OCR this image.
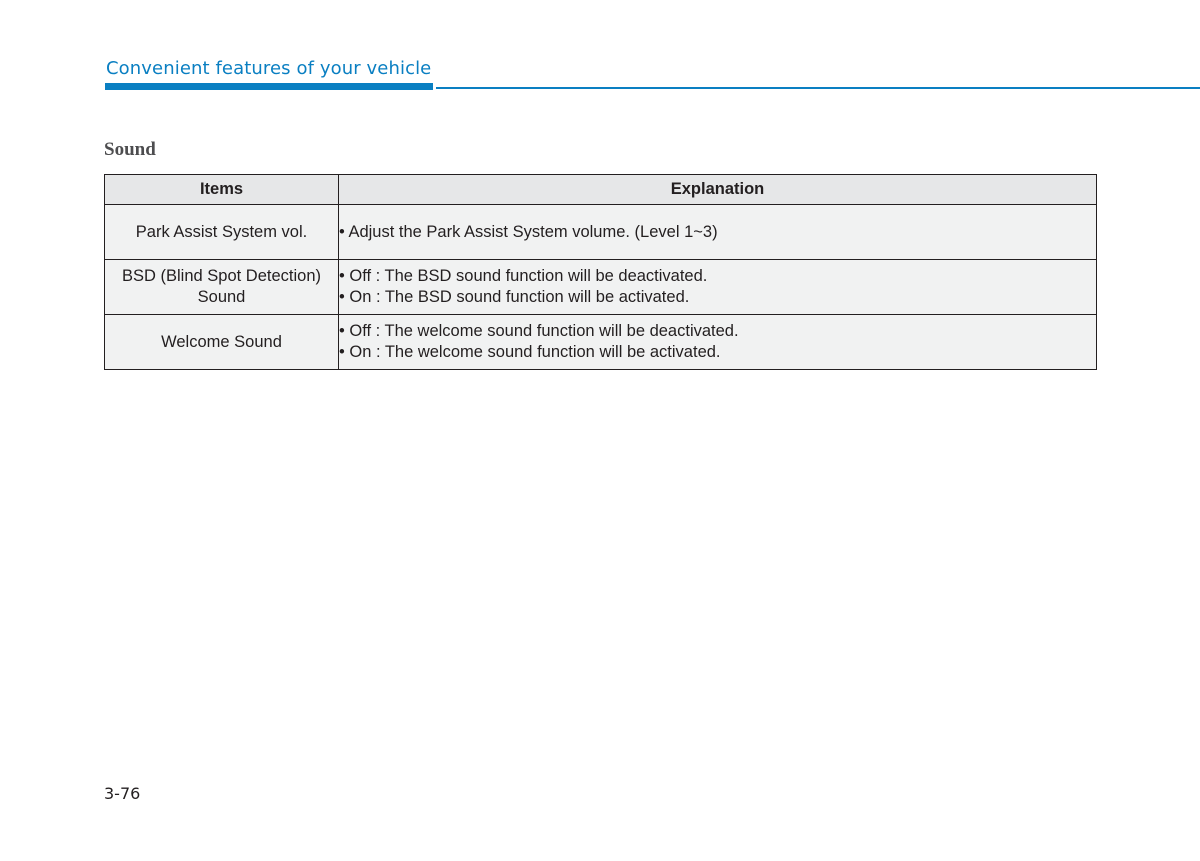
Convenient features of your vehicle
Sound
Items	Explanation
Park Assist System vol.	• Adjust the Park Assist System volume. (Level 1~3)

BSD (Blind Spot Detection) Sound	• Off : The BSD sound function will be deactivated.
• On : The BSD sound function will be activated.

Welcome Sound	• Off : The welcome sound function will be deactivated.
• On : The welcome sound function will be activated.
3-76
